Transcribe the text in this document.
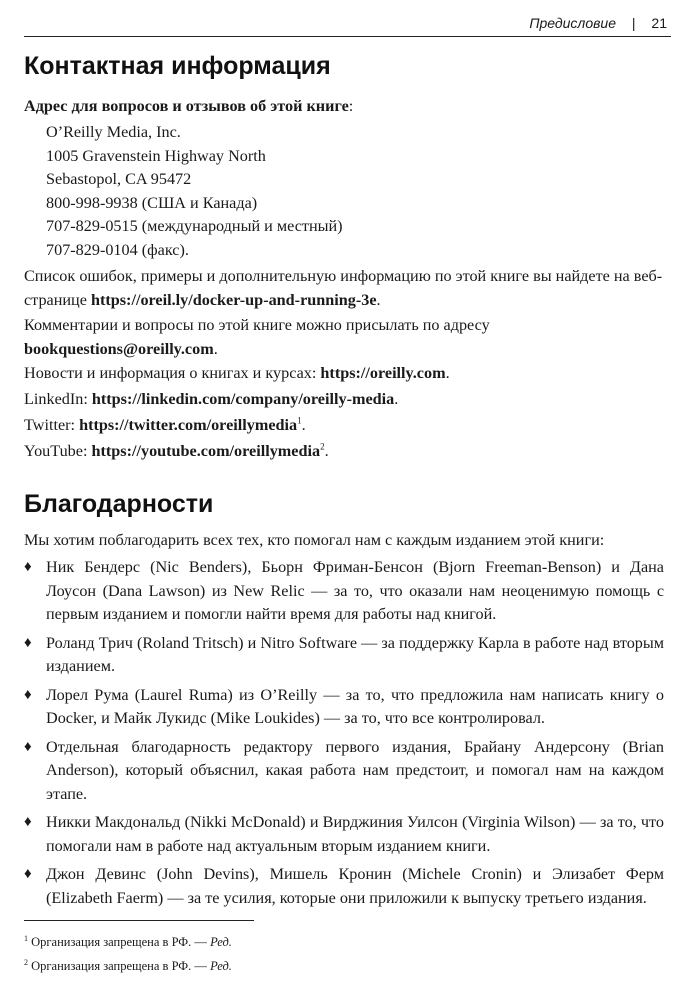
Предисловие | 21
Контактная информация
Адрес для вопросов и отзывов об этой книге:
O’Reilly Media, Inc.
1005 Gravenstein Highway North
Sebastopol, CA 95472
800-998-9938 (США и Канада)
707-829-0515 (международный и местный)
707-829-0104 (факс).
Список ошибок, примеры и дополнительную информацию по этой книге вы найдете на веб-странице https://oreil.ly/docker-up-and-running-3e.
Комментарии и вопросы по этой книге можно присылать по адресу bookquestions@oreilly.com.
Новости и информация о книгах и курсах: https://oreilly.com.
LinkedIn: https://linkedin.com/company/oreilly-media.
Twitter: https://twitter.com/oreillymedia$^1$.
YouTube: https://youtube.com/oreillymedia$^2$.
Благодарности
Мы хотим поблагодарить всех тех, кто помогал нам с каждым изданием этой книги:
♦ Ник Бендерс (Nic Benders), Бьорн Фриман-Бенсон (Bjorn Freeman-Benson) и Дана Лоусон (Dana Lawson) из New Relic — за то, что оказали нам неоценимую помощь с первым изданием и помогли найти время для работы над книгой.
♦ Роланд Трич (Roland Tritsch) и Nitro Software — за поддержку Карла в работе над вторым изданием.
♦ Лорел Рума (Laurel Ruma) из O’Reilly — за то, что предложила нам написать книгу о Docker, и Майк Лукидс (Mike Loukides) — за то, что все контролировал.
♦ Отдельная благодарность редактору первого издания, Брайану Андерсону (Brian Anderson), который объяснил, какая работа нам предстоит, и помогал нам на каждом этапе.
♦ Никки Макдональд (Nikki McDonald) и Вирджиния Уилсон (Virginia Wilson) — за то, что помогали нам в работе над актуальным вторым изданием книги.
♦ Джон Девинс (John Devins), Мишель Кронин (Michele Cronin) и Элизабет Ферм (Elizabeth Faerm) — за те усилия, которые они приложили к выпуску третьего издания.
$^1$ Организация запрещена в РФ. — Ред.
$^2$ Организация запрещена в РФ. — Ред.
